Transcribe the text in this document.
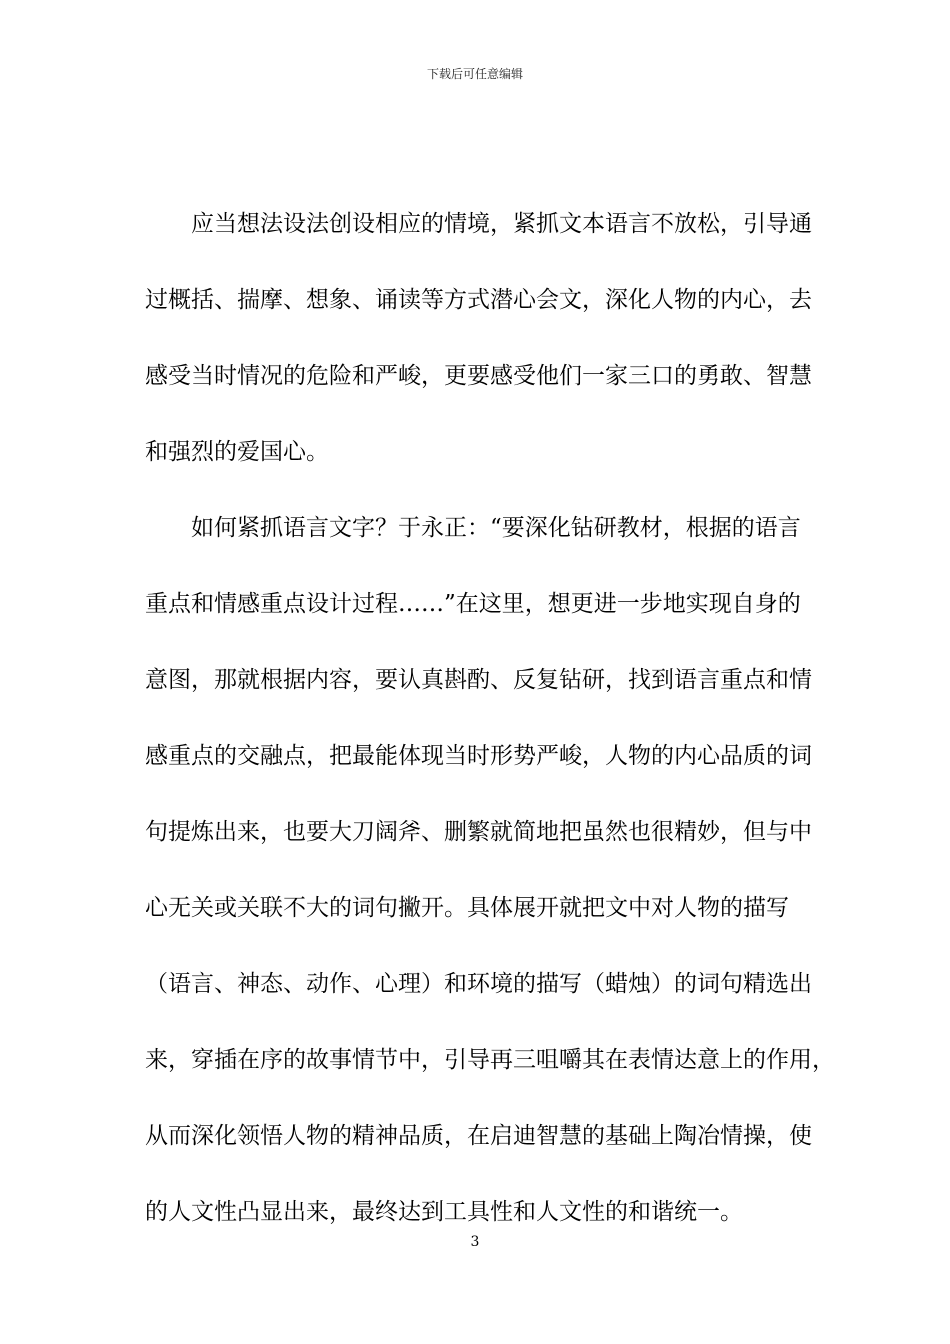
下载后可任意编辑
应当想法设法创设相应的情境，紧抓文本语言不放松，引导通
过概括、揣摩、想象、诵读等方式潜心会文，深化人物的内心，去
感受当时情况的危险和严峻，更要感受他们一家三口的勇敢、智慧
和强烈的爱国心。
如何紧抓语言文字？于永正：“要深化钻研教材，根据的语言
重点和情感重点设计过程……”在这里，想更进一步地实现自身的
意图，那就根据内容，要认真斟酌、反复钻研，找到语言重点和情
感重点的交融点，把最能体现当时形势严峻，人物的内心品质的词
句提炼出来，也要大刀阔斧、删繁就简地把虽然也很精妙，但与中
心无关或关联不大的词句撇开。具体展开就把文中对人物的描写
（语言、神态、动作、心理）和环境的描写（蜡烛）的词句精选出
来，穿插在序的故事情节中，引导再三咀嚼其在表情达意上的作用，
从而深化领悟人物的精神品质，在启迪智慧的基础上陶冶情操，使
的人文性凸显出来，最终达到工具性和人文性的和谐统一。
3
